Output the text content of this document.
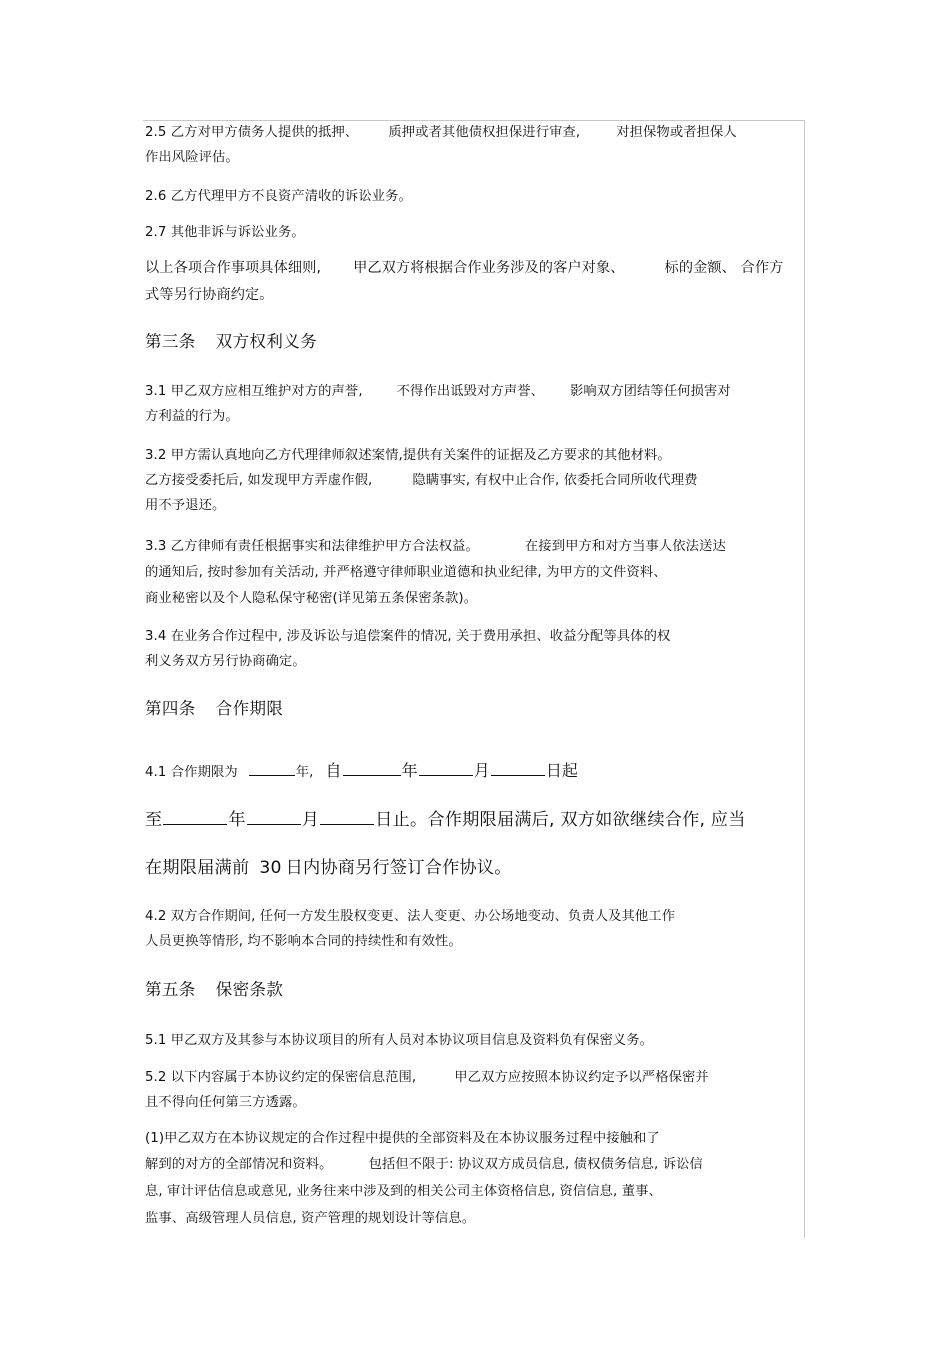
2.5 乙方对甲方债务人提供的抵押、 质押或者其他债权担保进行审查,	对担保物或者担保人

作出风险评估。

2.6 乙方代理甲方不良资产清收的诉讼业务。

2.7 其他非诉与诉讼业务。

以上各项合作事项具体细则, 甲乙双方将根据合作业务涉及的客户对象、	标的金额、 合作方

式等另行协商约定。

第三条 双方权利义务

3.1 甲乙双方应相互维护对方的声誉,	不得作出诋毁对方声誉、 影响双方团结等任何损害对

方利益的行为。

3.2 甲方需认真地向乙方代理律师叙述案情,提供有关案件的证据及乙方要求的其他材料。

乙方接受委托后, 如发现甲方弄虚作假,	隐瞒事实, 有权中止合作, 依委托合同所收代理费

用不予退还。

3.3 乙方律师有责任根据事实和法律维护甲方合法权益。	在接到甲方和对方当事人依法送达

的通知后, 按时参加有关活动, 并严格遵守律师职业道德和执业纪律, 为甲方的文件资料、

商业秘密以及个人隐私保守秘密(详见第五条保密条款)。

3.4 在业务合作过程中, 涉及诉讼与追偿案件的情况, 关于费用承担、收益分配等具体的权

利义务双方另行协商确定。

第四条 合作期限

4.1 合作期限为	年, 自	年	月	日起

至	年	月	日止。合作期限届满后, 双方如欲继续合作, 应当

在期限届满前 30 日内协商另行签订合作协议。

4.2 双方合作期间, 任何一方发生股权变更、法人变更、办公场地变动、负责人及其他工作

人员更换等情形, 均不影响本合同的持续性和有效性。

第五条 保密条款

5.1 甲乙双方及其参与本协议项目的所有人员对本协议项目信息及资料负有保密义务。

5.2 以下内容属于本协议约定的保密信息范围,	甲乙双方应按照本协议约定予以严格保密并

且不得向任何第三方透露。

(1)甲乙双方在本协议规定的合作过程中提供的全部资料及在本协议服务过程中接触和了

解到的对方的全部情况和资料。	包括但不限于: 协议双方成员信息, 债权债务信息, 诉讼信

息, 审计评估信息或意见, 业务往来中涉及到的相关公司主体资格信息, 资信信息, 董事、

监事、高级管理人员信息, 资产管理的规划设计等信息。
